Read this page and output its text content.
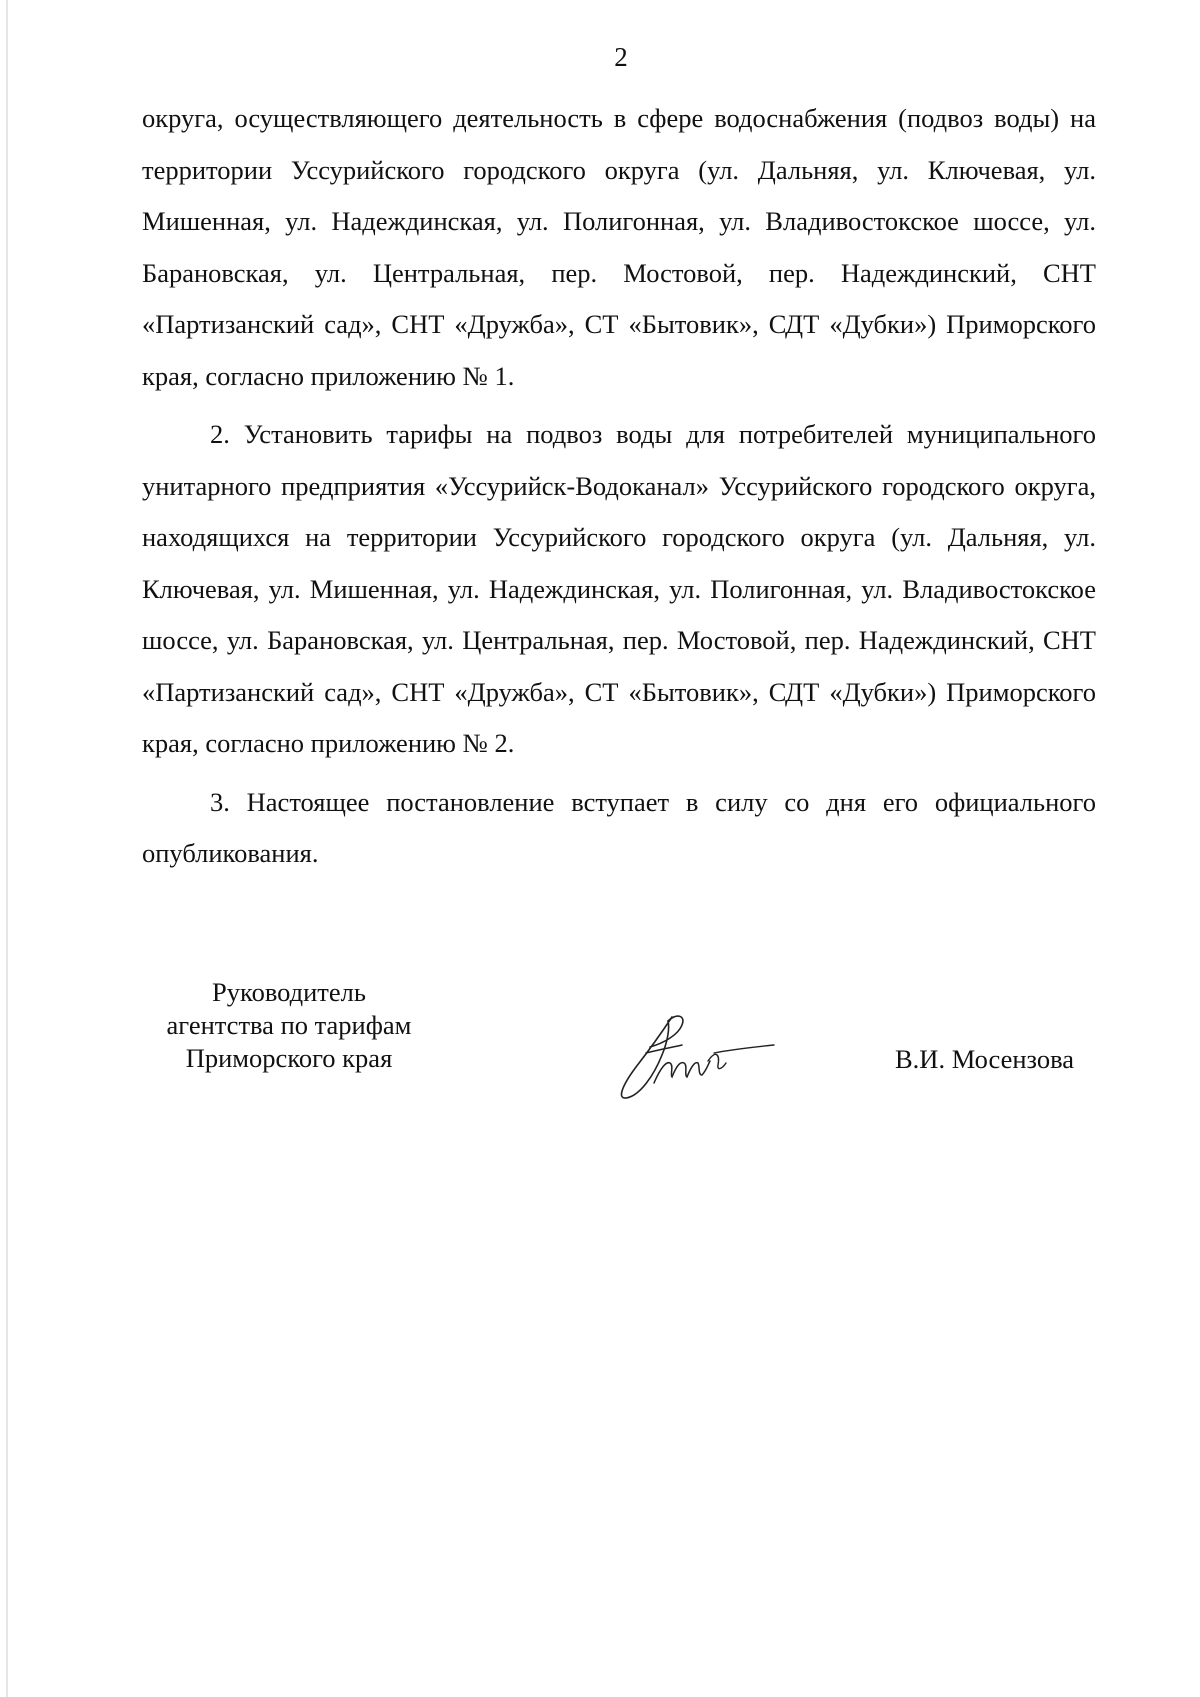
2

округа, осуществляющего деятельность в сфере водоснабжения (подвоз воды) на территории Уссурийского городского округа (ул. Дальняя, ул. Ключевая, ул. Мишенная, ул. Надеждинская, ул. Полигонная, ул. Владивостокское шоссе, ул. Барановская, ул. Центральная, пер. Мостовой, пер. Надеждинский, СНТ «Партизанский сад», СНТ «Дружба», СТ «Бытовик», СДТ «Дубки») Приморского края, согласно приложению № 1.

2. Установить тарифы на подвоз воды для потребителей муниципального унитарного предприятия «Уссурийск-Водоканал» Уссурийского городского округа, находящихся на территории Уссурийского городского округа (ул. Дальняя, ул. Ключевая, ул. Мишенная, ул. Надеждинская, ул. Полигонная, ул. Владивостокское шоссе, ул. Барановская, ул. Центральная, пер. Мостовой, пер. Надеждинский, СНТ «Партизанский сад», СНТ «Дружба», СТ «Бытовик», СДТ «Дубки») Приморского края, согласно приложению № 2.

3. Настоящее постановление вступает в силу со дня его официального опубликования.

Руководитель
агентства по тарифам
Приморского края	В.И. Мосензова
